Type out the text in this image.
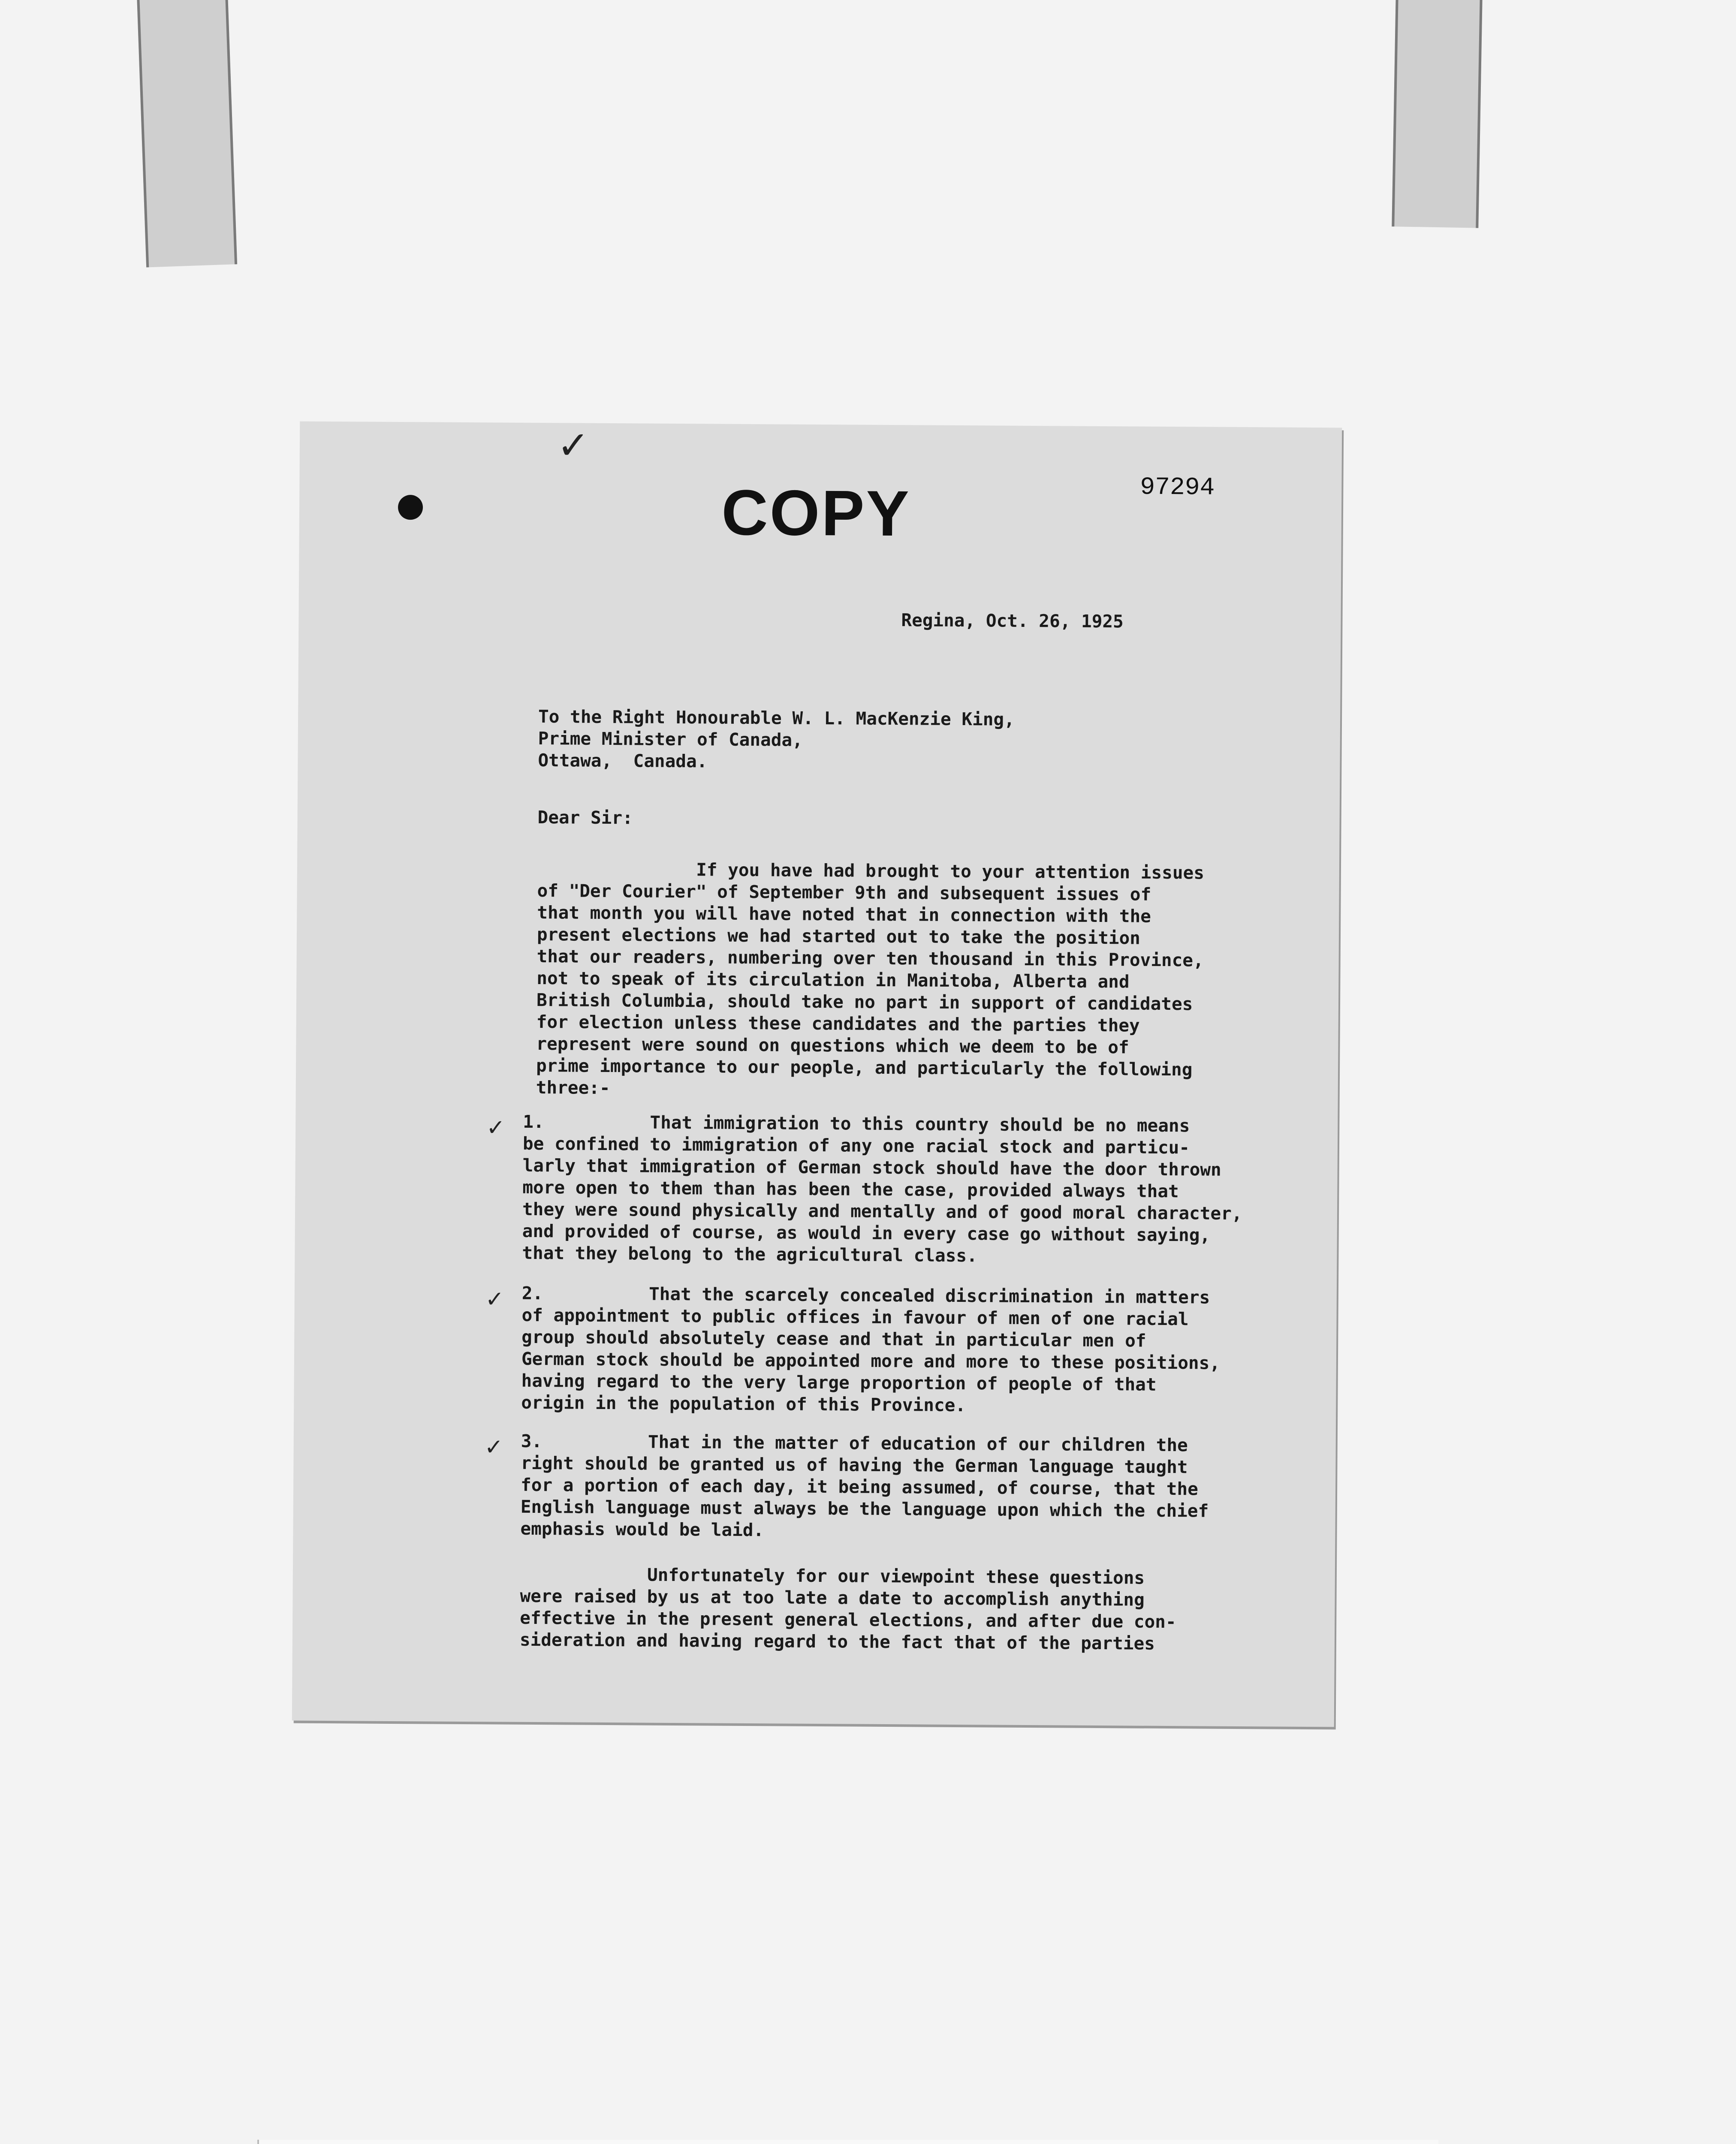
✓
COPY	97294
Regina, Oct. 26, 1925
To the Right Honourable W. L. MacKenzie King,
Prime Minister of Canada,
Ottawa,  Canada.
Dear Sir:
If you have had brought to your attention issues
of "Der Courier" of September 9th and subsequent issues of
that month you will have noted that in connection with the
present elections we had started out to take the position
that our readers, numbering over ten thousand in this Province,
not to speak of its circulation in Manitoba, Alberta and
British Columbia, should take no part in support of candidates
for election unless these candidates and the parties they
represent were sound on questions which we deem to be of
prime importance to our people, and particularly the following
three:-
✓ 1.          That immigration to this country should be no means
be confined to immigration of any one racial stock and particu-
larly that immigration of German stock should have the door thrown
more open to them than has been the case, provided always that
they were sound physically and mentally and of good moral character,
and provided of course, as would in every case go without saying,
that they belong to the agricultural class.
✓ 2.          That the scarcely concealed discrimination in matters
of appointment to public offices in favour of men of one racial
group should absolutely cease and that in particular men of
German stock should be appointed more and more to these positions,
having regard to the very large proportion of people of that
origin in the population of this Province.
✓ 3.          That in the matter of education of our children the
right should be granted us of having the German language taught
for a portion of each day, it being assumed, of course, that the
English language must always be the language upon which the chief
emphasis would be laid.
Unfortunately for our viewpoint these questions
were raised by us at too late a date to accomplish anything
effective in the present general elections, and after due con-
sideration and having regard to the fact that of the parties
